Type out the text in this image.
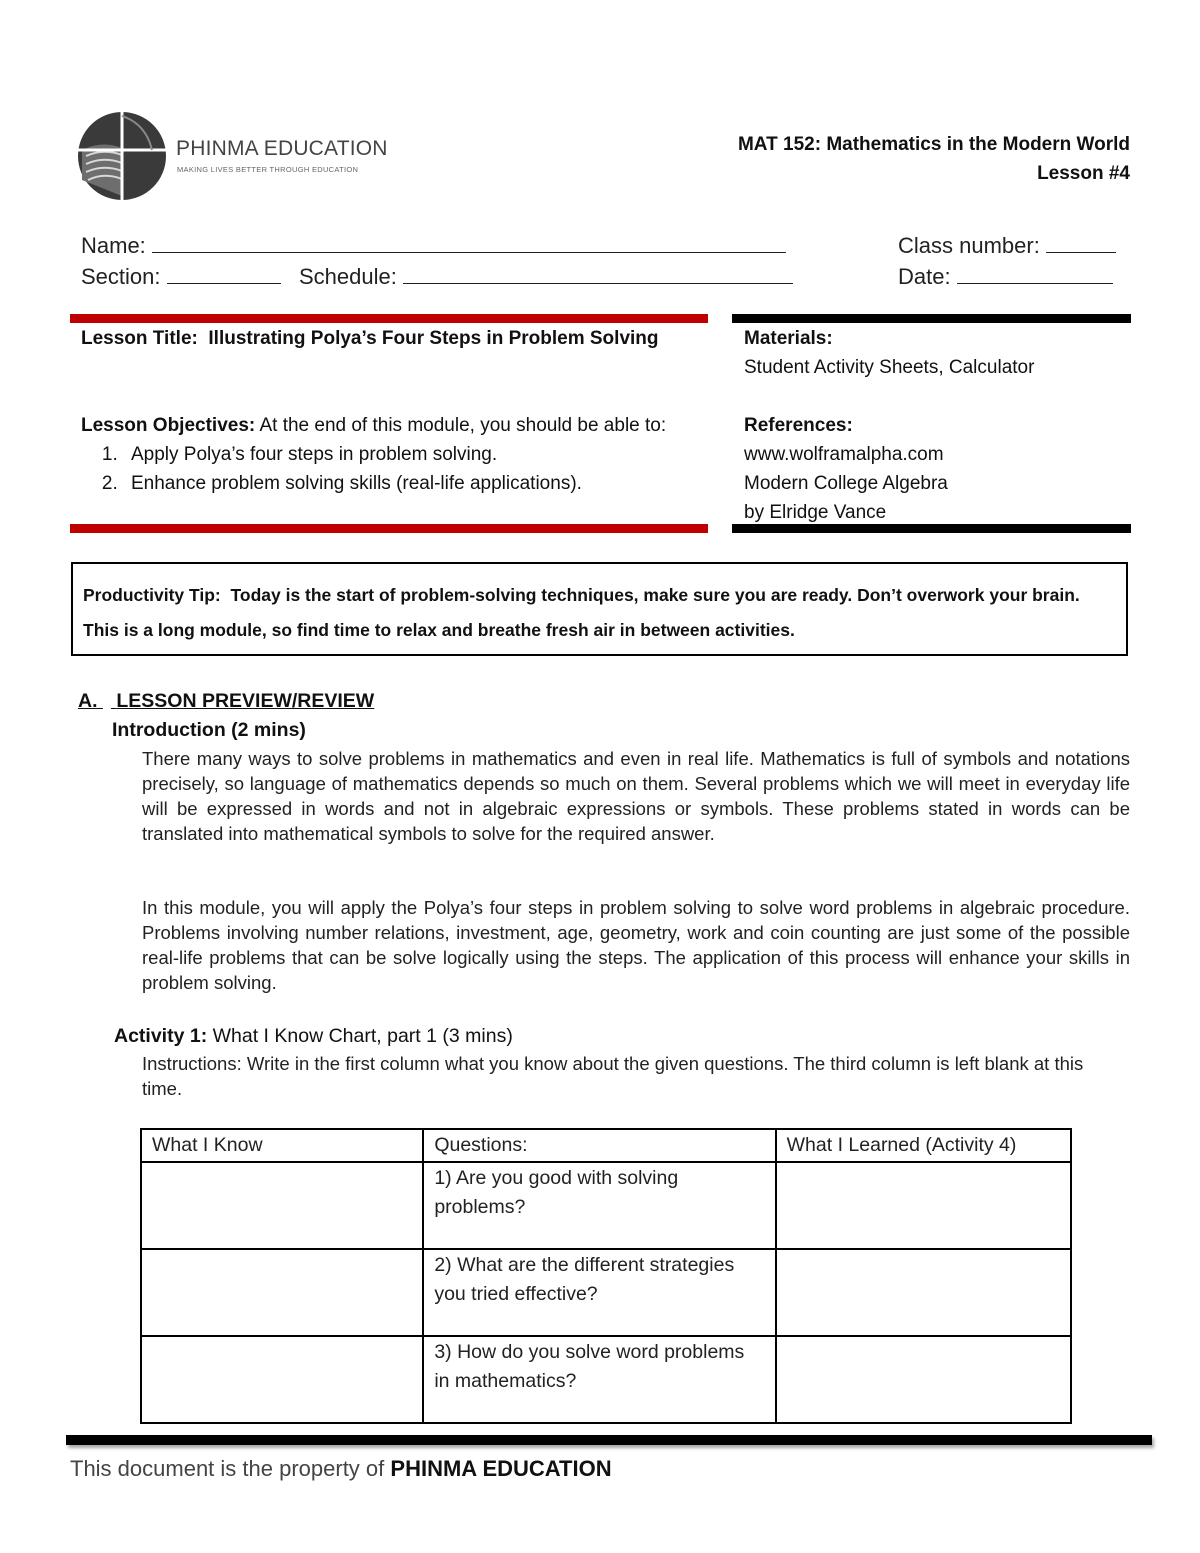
PHINMA EDUCATION
MAKING LIVES BETTER THROUGH EDUCATION
MAT 152: Mathematics in the Modern World
Lesson #4
Name:	Class number:
Section:	Schedule:	Date:
Lesson Title: Illustrating Polya’s Four Steps in Problem Solving
Lesson Objectives: At the end of this module, you should be able to:
1. Apply Polya’s four steps in problem solving.
2. Enhance problem solving skills (real-life applications).
Materials:
Student Activity Sheets, Calculator
References:
www.wolframalpha.com
Modern College Algebra
by Elridge Vance
Productivity Tip: Today is the start of problem-solving techniques, make sure you are ready. Don’t overwork your brain. This is a long module, so find time to relax and breathe fresh air in between activities.
A. LESSON PREVIEW/REVIEW
Introduction (2 mins)
There many ways to solve problems in mathematics and even in real life. Mathematics is full of symbols and notations precisely, so language of mathematics depends so much on them. Several problems which we will meet in everyday life will be expressed in words and not in algebraic expressions or symbols. These problems stated in words can be translated into mathematical symbols to solve for the required answer.
In this module, you will apply the Polya’s four steps in problem solving to solve word problems in algebraic procedure. Problems involving number relations, investment, age, geometry, work and coin counting are just some of the possible real-life problems that can be solve logically using the steps. The application of this process will enhance your skills in problem solving.
Activity 1: What I Know Chart, part 1 (3 mins)
Instructions: Write in the first column what you know about the given questions. The third column is left blank at this time.
What I Know	Questions:	What I Learned (Activity 4)
	1) Are you good with solving problems?	
	2) What are the different strategies you tried effective?	
	3) How do you solve word problems in mathematics?	
This document is the property of PHINMA EDUCATION
